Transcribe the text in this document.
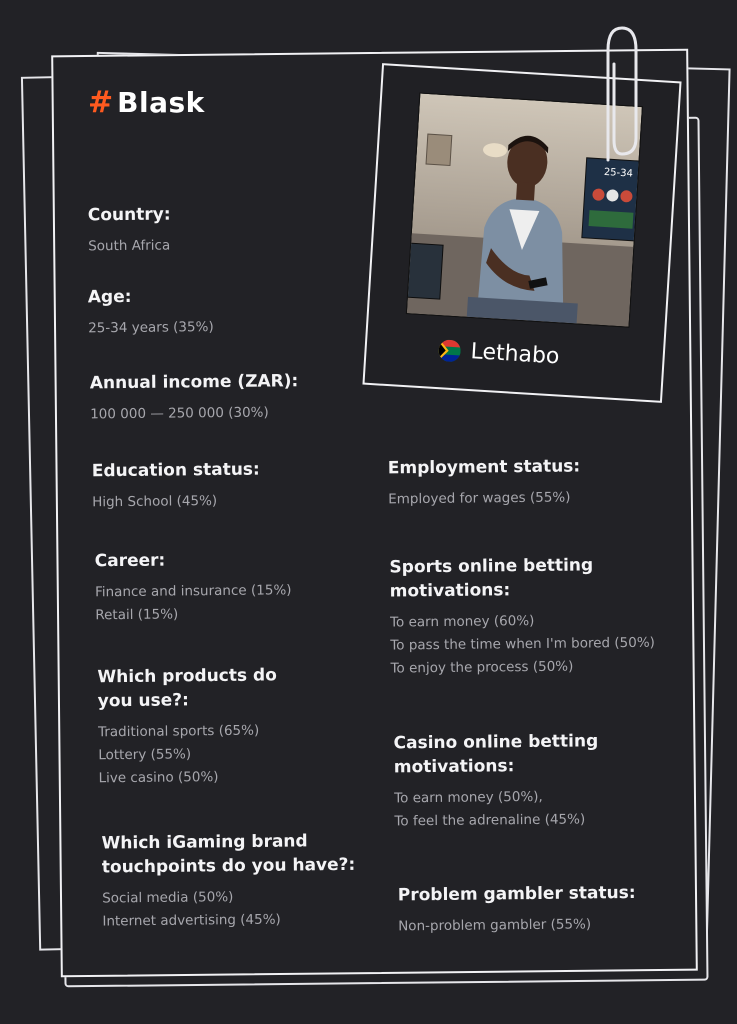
# Blask
25-34
Lethabo
Country:
South Africa
Age:
25-34 years (35%)
Annual income (ZAR):
100 000 — 250 000 (30%)
Education status:
High School (45%)
Career:
Finance and insurance (15%)
Retail (15%)
Which products do you use?:
Traditional sports (65%)
Lottery (55%)
Live casino (50%)
Which iGaming brand touchpoints do you have?:
Social media (50%)
Internet advertising (45%)
Employment status:
Employed for wages (55%)
Sports online betting motivations:
To earn money (60%)
To pass the time when I'm bored (50%)
To enjoy the process (50%)
Casino online betting motivations:
To earn money (50%),
To feel the adrenaline (45%)
Problem gambler status:
Non-problem gambler (55%)
